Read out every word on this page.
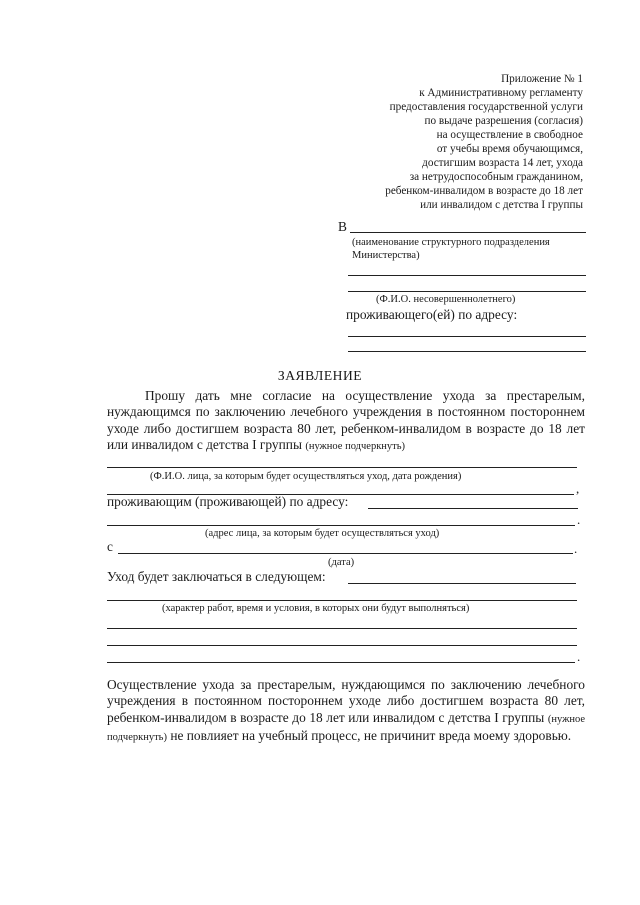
Приложение № 1
к Административному регламенту
предоставления государственной услуги
по выдаче разрешения (согласия)
на осуществление в свободное
от учебы время обучающимся,
достигшим возраста 14 лет, ухода
за нетрудоспособным гражданином,
ребенком-инвалидом в возрасте до 18 лет
или инвалидом с детства I группы
В
(наименование структурного подразделения
Министерства)
(Ф.И.О. несовершеннолетнего)
проживающего(ей) по адресу:
ЗАЯВЛЕНИЕ
Прошу дать мне согласие на осуществление ухода за престарелым, нуждающимся по заключению лечебного учреждения в постоянном постороннем уходе либо достигшем возраста 80 лет, ребенком-инвалидом в возрасте до 18 лет или инвалидом с детства I группы (нужное подчеркнуть)
(Ф.И.О. лица, за которым будет осуществляться уход, дата рождения)
,
проживающим (проживающей) по адресу:
.
(адрес лица, за которым будет осуществляться уход)
с	.
(дата)
Уход будет заключаться в следующем:
(характер работ, время и условия, в которых они будут выполняться)
.
Осуществление ухода за престарелым, нуждающимся по заключению лечебного учреждения в постоянном постороннем уходе либо достигшем возраста 80 лет, ребенком-инвалидом в возрасте до 18 лет или инвалидом с детства I группы (нужное подчеркнуть) не повлияет на учебный процесс, не причинит вреда моему здоровью.
